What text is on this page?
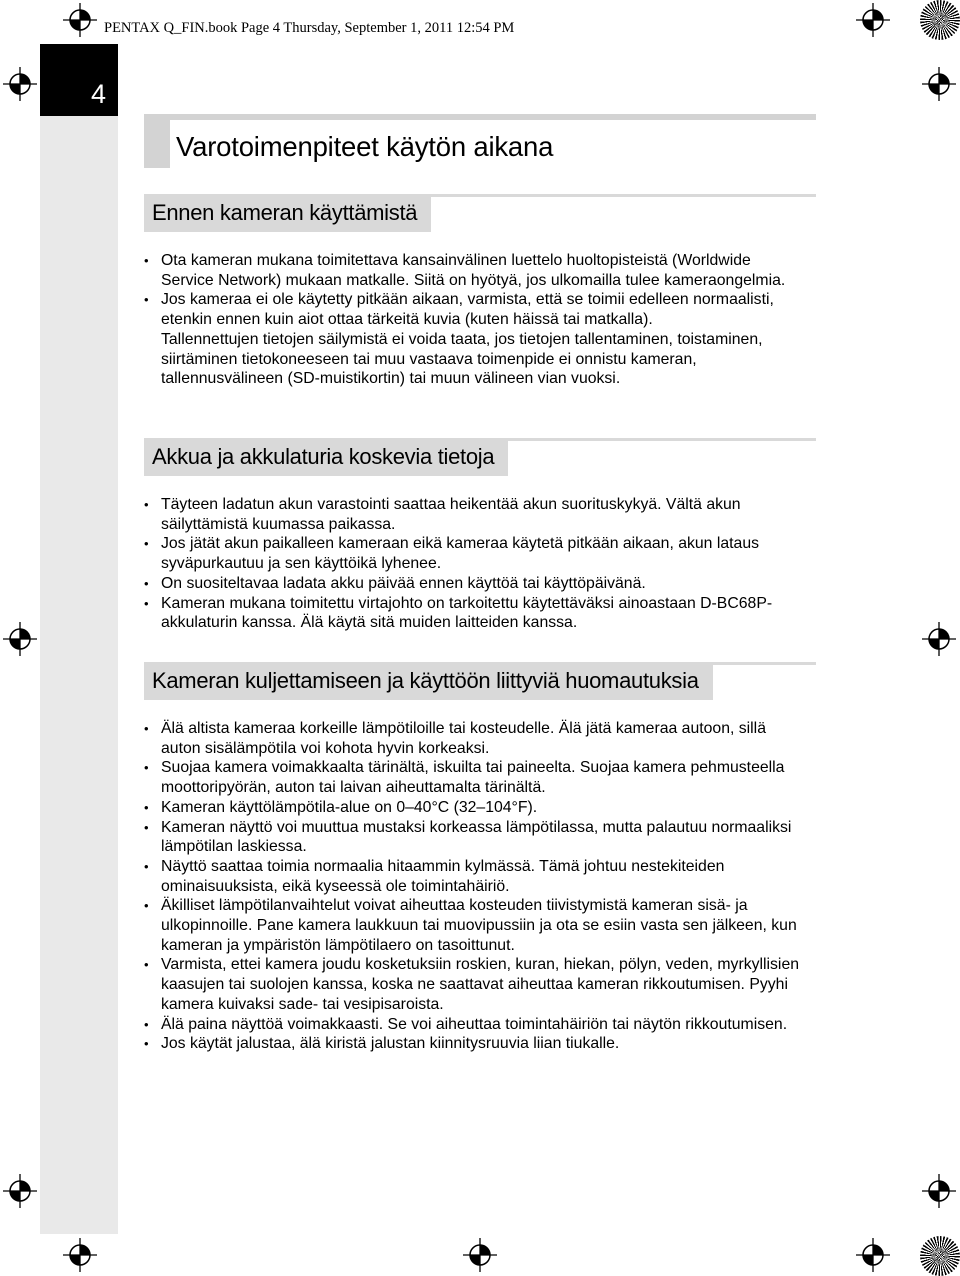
PENTAX Q_FIN.book Page 4 Thursday, September 1, 2011 12:54 PM
4
Varotoimenpiteet käytön aikana
Ennen kameran käyttämistä
• Ota kameran mukana toimitettava kansainvälinen luettelo huoltopisteistä (Worldwide Service Network) mukaan matkalle. Siitä on hyötyä, jos ulkomailla tulee kameraongelmia.
• Jos kameraa ei ole käytetty pitkään aikaan, varmista, että se toimii edelleen normaalisti, etenkin ennen kuin aiot ottaa tärkeitä kuvia (kuten häissä tai matkalla).
Tallennettujen tietojen säilymistä ei voida taata, jos tietojen tallentaminen, toistaminen, siirtäminen tietokoneeseen tai muu vastaava toimenpide ei onnistu kameran, tallennusvälineen (SD-muistikortin) tai muun välineen vian vuoksi.
Akkua ja akkulaturia koskevia tietoja
• Täyteen ladatun akun varastointi saattaa heikentää akun suorituskykyä. Vältä akun säilyttämistä kuumassa paikassa.
• Jos jätät akun paikalleen kameraan eikä kameraa käytetä pitkään aikaan, akun lataus syväpurkautuu ja sen käyttöikä lyhenee.
• On suositeltavaa ladata akku päivää ennen käyttöä tai käyttöpäivänä.
• Kameran mukana toimitettu virtajohto on tarkoitettu käytettäväksi ainoastaan D-BC68P-akkulaturin kanssa. Älä käytä sitä muiden laitteiden kanssa.
Kameran kuljettamiseen ja käyttöön liittyviä huomautuksia
• Älä altista kameraa korkeille lämpötiloille tai kosteudelle. Älä jätä kameraa autoon, sillä auton sisälämpötila voi kohota hyvin korkeaksi.
• Suojaa kamera voimakkaalta tärinältä, iskuilta tai paineelta. Suojaa kamera pehmusteella moottoripyörän, auton tai laivan aiheuttamalta tärinältä.
• Kameran käyttölämpötila-alue on 0–40°C (32–104°F).
• Kameran näyttö voi muuttua mustaksi korkeassa lämpötilassa, mutta palautuu normaaliksi lämpötilan laskiessa.
• Näyttö saattaa toimia normaalia hitaammin kylmässä. Tämä johtuu nestekiteiden ominaisuuksista, eikä kyseessä ole toimintahäiriö.
• Äkilliset lämpötilanvaihtelut voivat aiheuttaa kosteuden tiivistymistä kameran sisä- ja ulkopinnoille. Pane kamera laukkuun tai muovipussiin ja ota se esiin vasta sen jälkeen, kun kameran ja ympäristön lämpötilaero on tasoittunut.
• Varmista, ettei kamera joudu kosketuksiin roskien, kuran, hiekan, pölyn, veden, myrkyllisien kaasujen tai suolojen kanssa, koska ne saattavat aiheuttaa kameran rikkoutumisen. Pyyhi kamera kuivaksi sade- tai vesipisaroista.
• Älä paina näyttöä voimakkaasti. Se voi aiheuttaa toimintahäiriön tai näytön rikkoutumisen.
• Jos käytät jalustaa, älä kiristä jalustan kiinnitysruuvia liian tiukalle.
